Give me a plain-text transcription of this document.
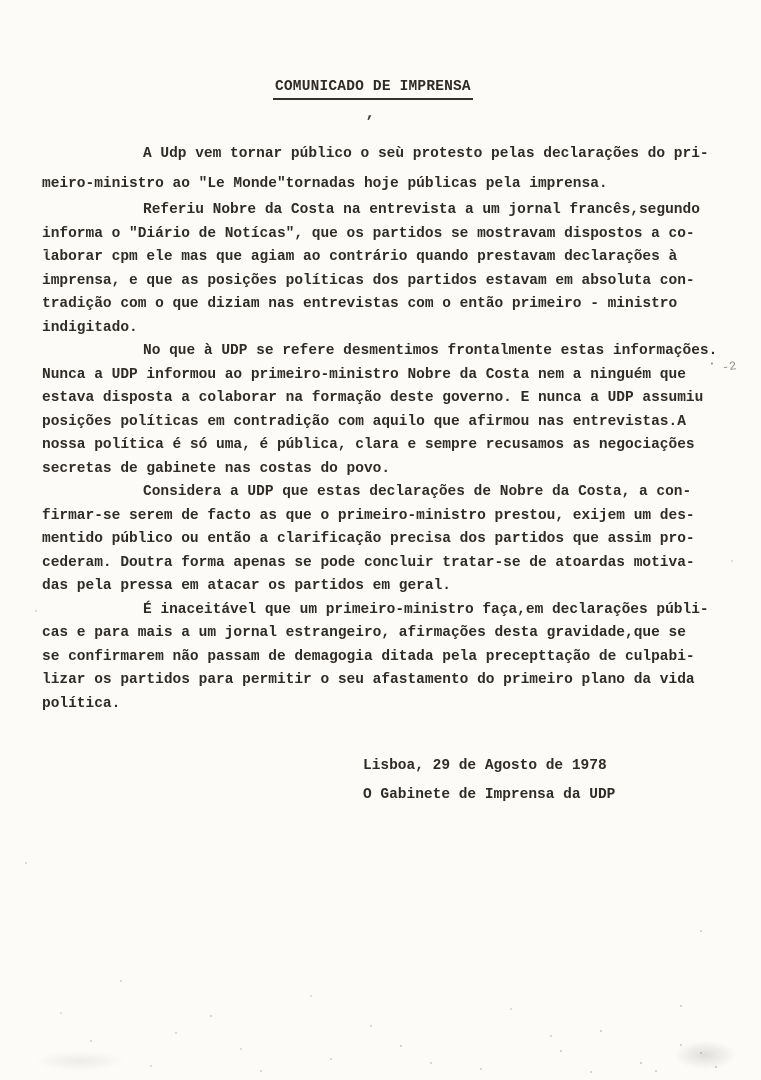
COMUNICADO DE IMPRENSA
‚
A Udp vem tornar público o seù protesto pelas declarações do pri-
meiro-ministro ao "Le Monde"tornadas hoje públicas pela imprensa.
Referiu Nobre da Costa na entrevista a um jornal francês,segundo
informa o "Diário de Notícas", que os partidos se mostravam dispostos a co-
laborar cpm ele mas que agiam ao contrário quando prestavam declarações à
imprensa, e que as posições políticas dos partidos estavam em absoluta con-
tradição com o que diziam nas entrevistas com o então primeiro - ministro
indigitado.
No que à UDP se refere desmentimos frontalmente estas informações.
Nunca a UDP informou ao primeiro-ministro Nobre da Costa nem a ninguém que
estava disposta a colaborar na formação deste governo. E nunca a UDP assumiu
posições políticas em contradição com aquilo que afirmou nas entrevistas.A
nossa política é só uma, é pública, clara e sempre recusamos as negociações
secretas de gabinete nas costas do povo.
Considera a UDP que estas declarações de Nobre da Costa, a con-
firmar-se serem de facto as que o primeiro-ministro prestou, exijem um des-
mentido público ou então a clarificação precisa dos partidos que assim pro-
cederam. Doutra forma apenas se pode concluir tratar-se de atoardas motiva-
das pela pressa em atacar os partidos em geral.
É inaceitável que um primeiro-ministro faça,em declarações públi-
cas e para mais a um jornal estrangeiro, afirmações desta gravidade,que se
se confirmarem não passam de demagogia ditada pela precepttação de culpabi-
lizar os partidos para permitir o seu afastamento do primeiro plano da vida
política.
· -2
Lisboa, 29 de Agosto de 1978
O Gabinete de Imprensa da UDP
